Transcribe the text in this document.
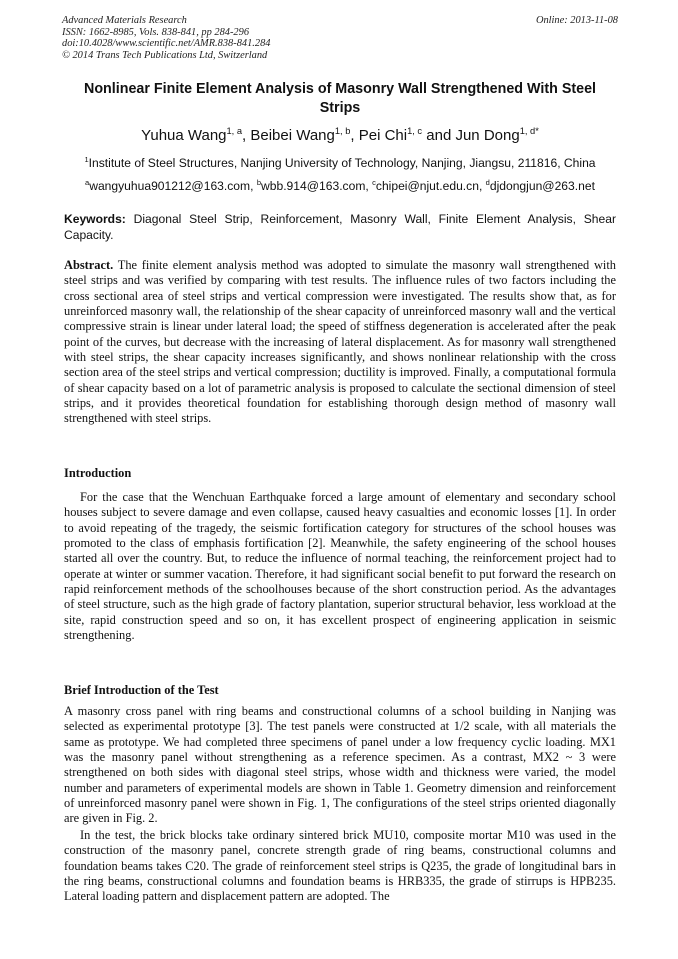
Advanced Materials Research
ISSN: 1662-8985, Vols. 838-841, pp 284-296
doi:10.4028/www.scientific.net/AMR.838-841.284
© 2014 Trans Tech Publications Ltd, Switzerland
Online: 2013-11-08
Nonlinear Finite Element Analysis of Masonry Wall Strengthened With Steel Strips
Yuhua Wang$^{1, a}$, Beibei Wang$^{1, b}$, Pei Chi$^{1, c}$ and Jun Dong$^{1, d*}$
$^1$Institute of Steel Structures, Nanjing University of Technology, Nanjing, Jiangsu, 211816, China
$^a$wangyuhua901212@163.com, $^b$wbb.914@163.com, $^c$chipei@njut.edu.cn, $^d$djdongjun@263.net
Keywords: Diagonal Steel Strip, Reinforcement, Masonry Wall, Finite Element Analysis, Shear Capacity.

Abstract. The finite element analysis method was adopted to simulate the masonry wall strengthened with steel strips and was verified by comparing with test results. The influence rules of two factors including the cross sectional area of steel strips and vertical compression were investigated. The results show that, as for unreinforced masonry wall, the relationship of the shear capacity of unreinforced masonry wall and the vertical compressive strain is linear under lateral load; the speed of stiffness degeneration is accelerated after the peak point of the curves, but decrease with the increasing of lateral displacement. As for masonry wall strengthened with steel strips, the shear capacity increases significantly, and shows nonlinear relationship with the cross section area of the steel strips and vertical compression; ductility is improved. Finally, a computational formula of shear capacity based on a lot of parametric analysis is proposed to calculate the sectional dimension of steel strips, and it provides theoretical foundation for establishing thorough design method of masonry wall strengthened with steel strips.

Introduction

For the case that the Wenchuan Earthquake forced a large amount of elementary and secondary school houses subject to severe damage and even collapse, caused heavy casualties and economic losses [1]. In order to avoid repeating of the tragedy, the seismic fortification category for structures of the school houses was promoted to the class of emphasis fortification [2]. Meanwhile, the safety engineering of the school houses started all over the country. But, to reduce the influence of normal teaching, the reinforcement project had to operate at winter or summer vacation. Therefore, it had significant social benefit to put forward the research on rapid reinforcement methods of the schoolhouses because of the short construction period. As the advantages of steel structure, such as the high grade of factory plantation, superior structural behavior, less workload at the site, rapid construction speed and so on, it has excellent prospect of engineering application in seismic strengthening.

Brief Introduction of the Test

A masonry cross panel with ring beams and constructional columns of a school building in Nanjing was selected as experimental prototype [3]. The test panels were constructed at 1/2 scale, with all materials the same as prototype. We had completed three specimens of panel under a low frequency cyclic loading. MX1 was the masonry panel without strengthening as a reference specimen. As a contrast, MX2 ~ 3 were strengthened on both sides with diagonal steel strips, whose width and thickness were varied, the model number and parameters of experimental models are shown in Table 1. Geometry dimension and reinforcement of unreinforced masonry panel were shown in Fig. 1, The configurations of the steel strips oriented diagonally are given in Fig. 2.

In the test, the brick blocks take ordinary sintered brick MU10, composite mortar M10 was used in the construction of the masonry panel, concrete strength grade of ring beams, constructional columns and foundation beams takes C20. The grade of reinforcement steel strips is Q235, the grade of longitudinal bars in the ring beams, constructional columns and foundation beams is HRB335, the grade of stirrups is HPB235. Lateral loading pattern and displacement pattern are adopted. The
